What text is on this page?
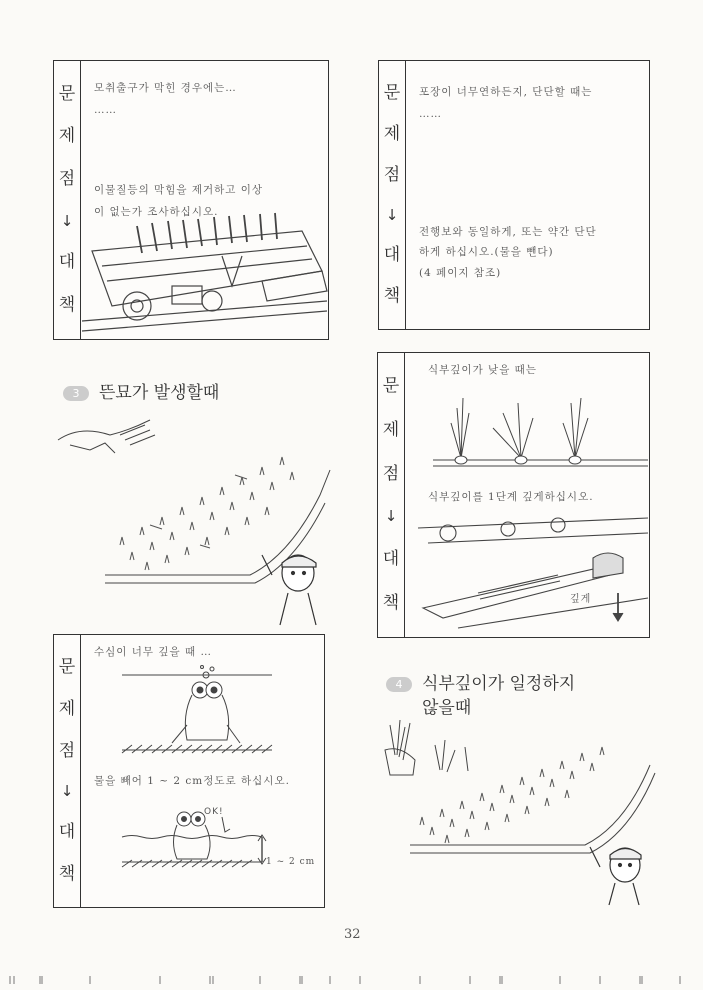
문
제
점
↓
대
책
모취출구가 막힌 경우에는…
……
이물질등의 막힘을 제거하고 이상
이 없는가 조사하십시오.
문
제
점
↓
대
책
포장이 너무연하든지, 단단할 때는
……
전행보와 동일하게, 또는 약간 단단
하게 하십시오.(물을 뺀다)
(4 페이지 참조)
3 뜬묘가 발생할때	문
제
점
↓
대
책
식부깊이가 낮을 때는
식부깊이를 1단계 깊게하십시오.
깊게
문
제
점
↓
대
책
수심이 너무 깊을 때 …
물을 빼어 1 ~ 2 cm정도로 하십시오.
OK!
1 ~ 2 cm
4 식부깊이가 일정하지
않을때
32
